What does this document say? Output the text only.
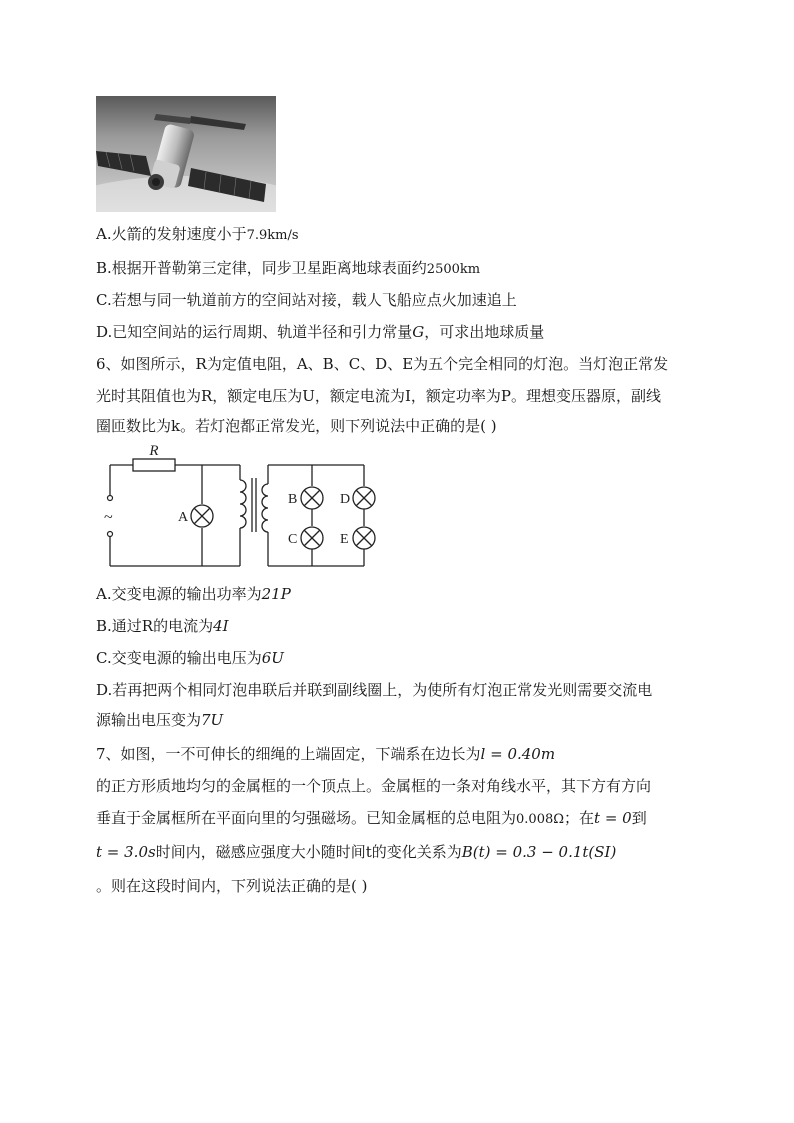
A.火箭的发射速度小于7.9km/s
B.根据开普勒第三定律，同步卫星距离地球表面约2500km
C.若想与同一轨道前方的空间站对接，载人飞船应点火加速追上
D.已知空间站的运行周期、轨道半径和引力常量G，可求出地球质量
6、如图所示，R为定值电阻，A、B、C、D、E为五个完全相同的灯泡。当灯泡正常发
光时其阻值也为R，额定电压为U，额定电流为I，额定功率为P。理想变压器原，副线
圈匝数比为k。若灯泡都正常发光，则下列说法中正确的是( )
R
~	A
B
C
D
E
A.交变电源的输出功率为21P
B.通过R的电流为4I
C.交变电源的输出电压为6U
D.若再把两个相同灯泡串联后并联到副线圈上，为使所有灯泡正常发光则需要交流电
源输出电压变为7U
7、如图，一不可伸长的细绳的上端固定，下端系在边长为l = 0.40m
的正方形质地均匀的金属框的一个顶点上。金属框的一条对角线水平，其下方有方向
垂直于金属框所在平面向里的匀强磁场。已知金属框的总电阻为0.008Ω；在t = 0到
t = 3.0s时间内，磁感应强度大小随时间t的变化关系为B(t) = 0.3 − 0.1t(SI)
。则在这段时间内，下列说法正确的是( )
